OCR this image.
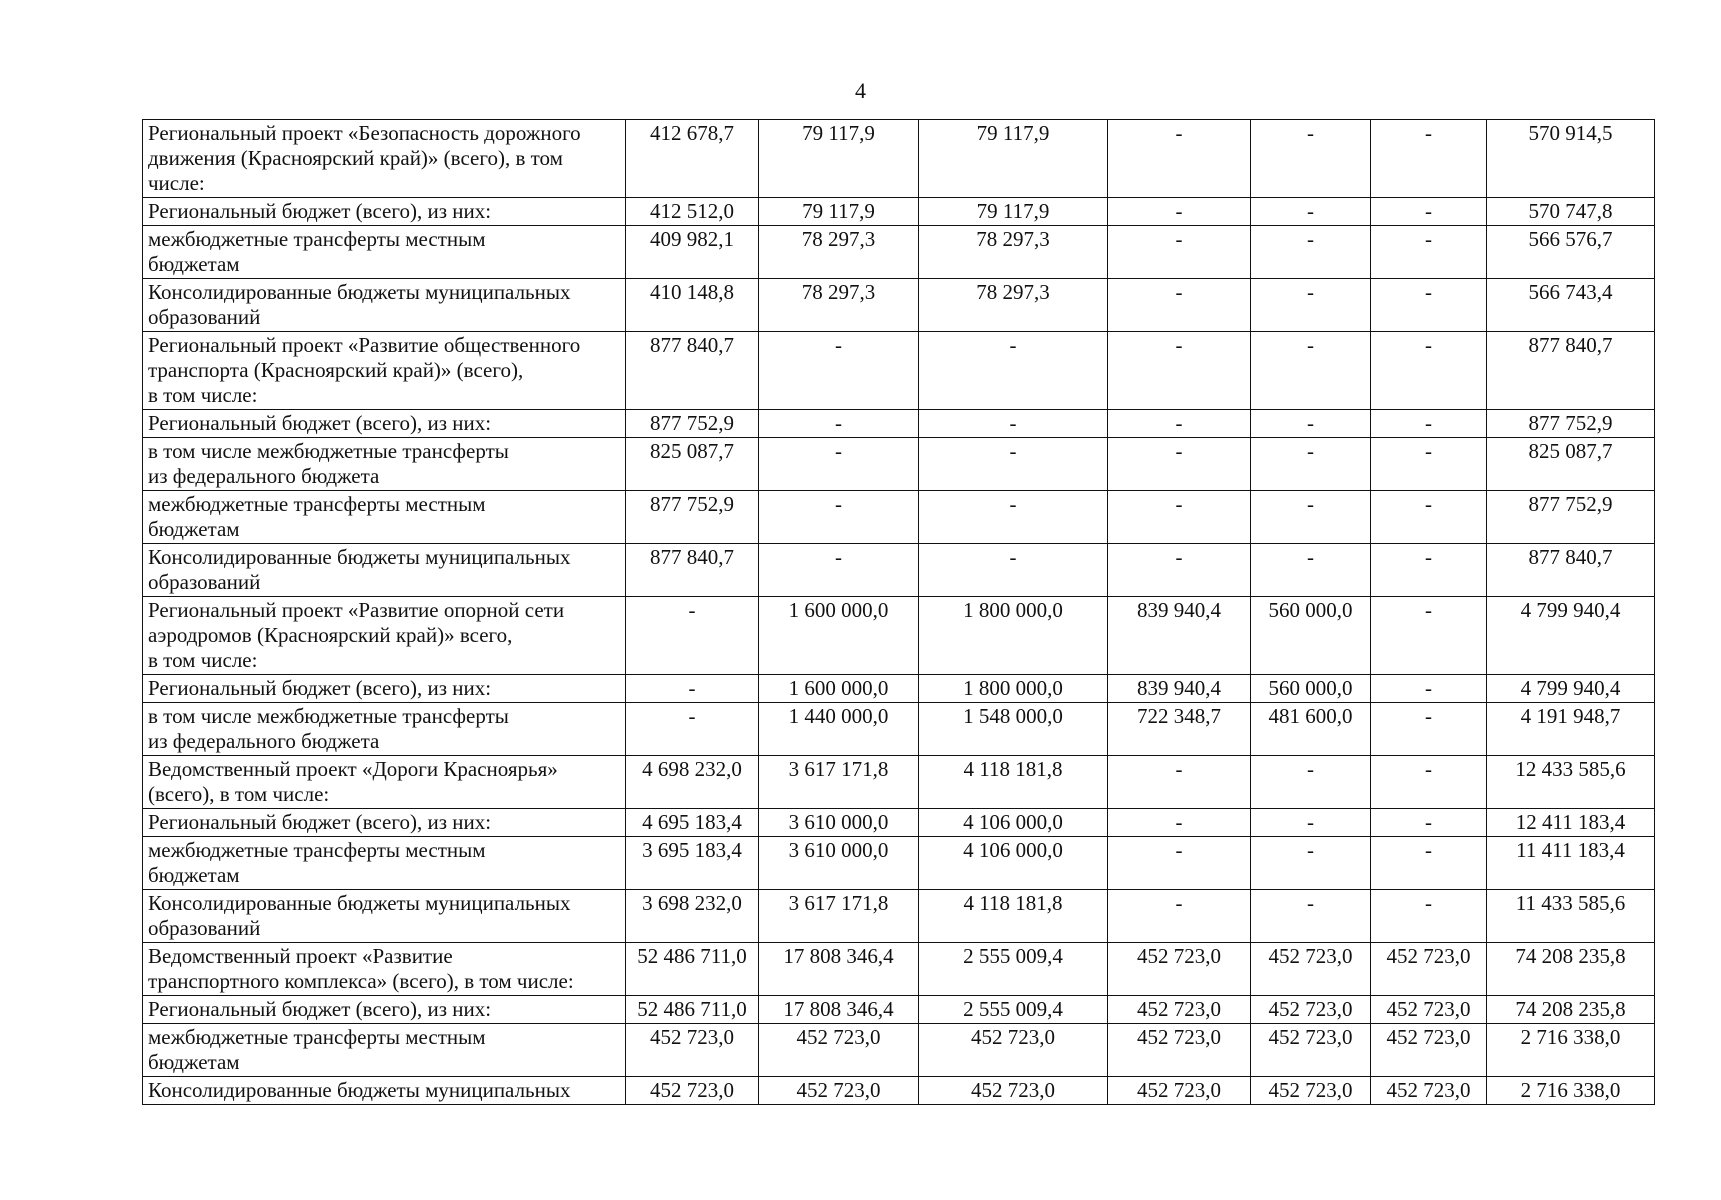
4
Региональный проект «Безопасность дорожного
движения (Красноярский край)» (всего), в том
числе:	412 678,7	79 117,9	79 117,9	-	-	-	570 914,5
Региональный бюджет (всего), из них:	412 512,0	79 117,9	79 117,9	-	-	-	570 747,8
межбюджетные трансферты местным
бюджетам	409 982,1	78 297,3	78 297,3	-	-	-	566 576,7
Консолидированные бюджеты муниципальных
образований	410 148,8	78 297,3	78 297,3	-	-	-	566 743,4
Региональный проект «Развитие общественного
транспорта (Красноярский край)» (всего),
в том числе:	877 840,7	-	-	-	-	-	877 840,7
Региональный бюджет (всего), из них:	877 752,9	-	-	-	-	-	877 752,9
в том числе межбюджетные трансферты
из федерального бюджета	825 087,7	-	-	-	-	-	825 087,7
межбюджетные трансферты местным
бюджетам	877 752,9	-	-	-	-	-	877 752,9
Консолидированные бюджеты муниципальных
образований	877 840,7	-	-	-	-	-	877 840,7
Региональный проект «Развитие опорной сети
аэродромов (Красноярский край)» всего,
в том числе:	-	1 600 000,0	1 800 000,0	839 940,4	560 000,0	-	4 799 940,4
Региональный бюджет (всего), из них:	-	1 600 000,0	1 800 000,0	839 940,4	560 000,0	-	4 799 940,4
в том числе межбюджетные трансферты
из федерального бюджета	-	1 440 000,0	1 548 000,0	722 348,7	481 600,0	-	4 191 948,7
Ведомственный проект «Дороги Красноярья»
(всего), в том числе:	4 698 232,0	3 617 171,8	4 118 181,8	-	-	-	12 433 585,6
Региональный бюджет (всего), из них:	4 695 183,4	3 610 000,0	4 106 000,0	-	-	-	12 411 183,4
межбюджетные трансферты местным
бюджетам	3 695 183,4	3 610 000,0	4 106 000,0	-	-	-	11 411 183,4
Консолидированные бюджеты муниципальных
образований	3 698 232,0	3 617 171,8	4 118 181,8	-	-	-	11 433 585,6
Ведомственный проект «Развитие
транспортного комплекса» (всего), в том числе:	52 486 711,0	17 808 346,4	2 555 009,4	452 723,0	452 723,0	452 723,0	74 208 235,8
Региональный бюджет (всего), из них:	52 486 711,0	17 808 346,4	2 555 009,4	452 723,0	452 723,0	452 723,0	74 208 235,8
межбюджетные трансферты местным
бюджетам	452 723,0	452 723,0	452 723,0	452 723,0	452 723,0	452 723,0	2 716 338,0
Консолидированные бюджеты муниципальных	452 723,0	452 723,0	452 723,0	452 723,0	452 723,0	452 723,0	2 716 338,0
